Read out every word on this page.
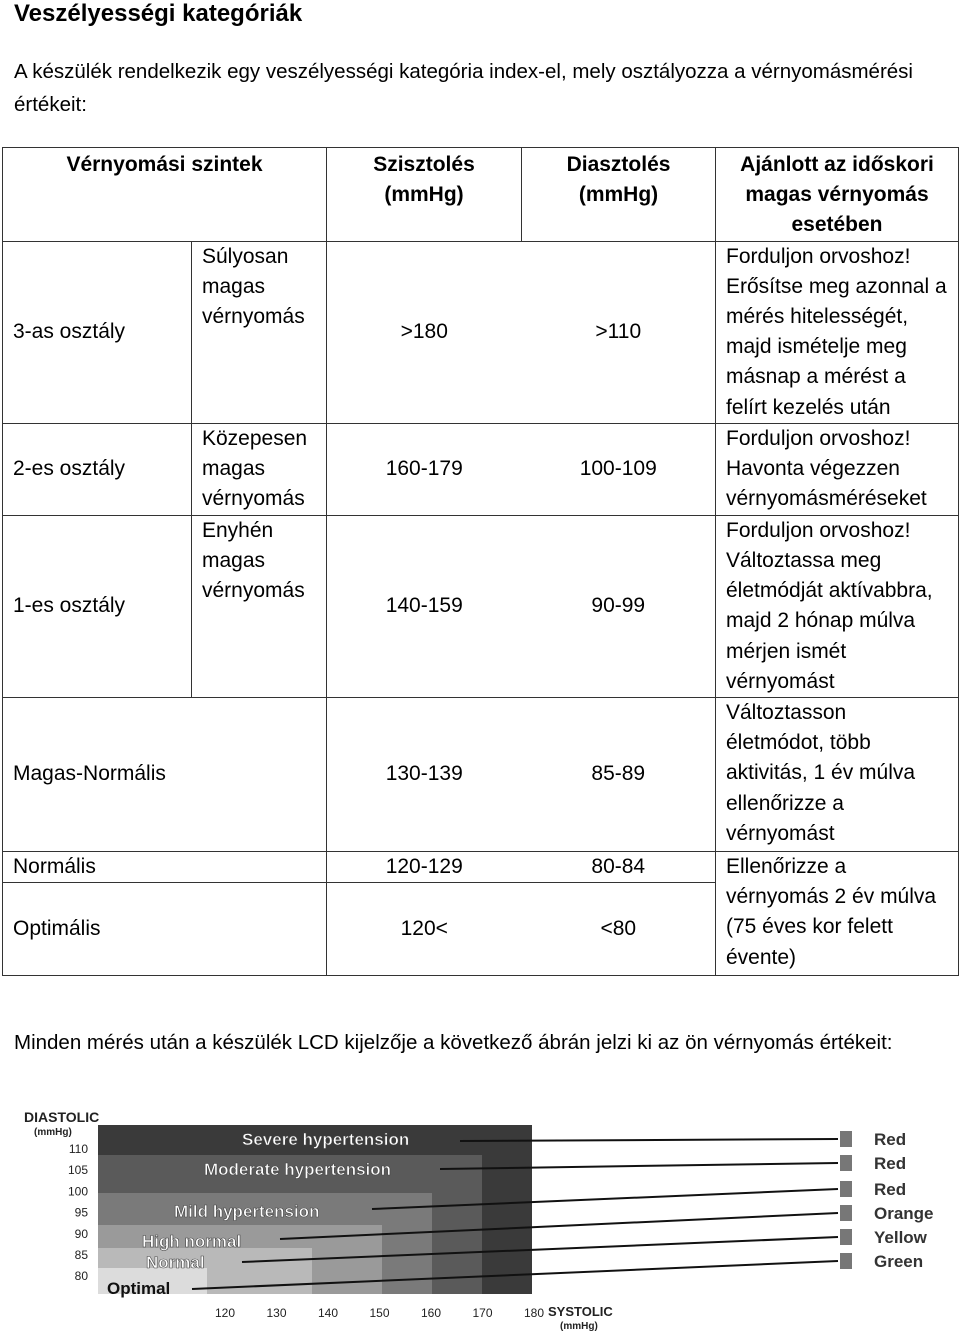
Veszélyességi kategóriák
A készülék rendelkezik egy veszélyességi kategória index-el, mely osztályozza a vérnyomásmérési értékeit:
Vérnyomási szintek		Szisztolés (mmHg)	Diasztolés (mmHg)	Ajánlott az időskori magas vérnyomás esetében
3-as osztály	Súlyosan magas vérnyomás	>180	>110	Forduljon orvoshoz! Erősítse meg azonnal a mérés hitelességét, majd ismételje meg másnap a mérést a felírt kezelés után
2-es osztály	Közepesen magas vérnyomás	160-179	100-109	Forduljon orvoshoz! Havonta végezzen vérnyomásméréseket
1-es osztály	Enyhén magas vérnyomás	140-159	90-99	Forduljon orvoshoz! Változtassa meg életmódját aktívabbra, majd 2 hónap múlva mérjen ismét vérnyomást
Magas-Normális		130-139	85-89	Változtasson életmódot, több aktivitás, 1 év múlva ellenőrizze a vérnyomást
Normális		120-129	80-84	Ellenőrizze a vérnyomás 2 év múlva (75 éves kor felett évente)
Optimális		120<	<80	
Minden mérés után a készülék LCD kijelzője a következő ábrán jelzi ki az ön vérnyomás értékeit:
DIASTOLIC
(mmHg)	Severe hypertension
Moderate hypertension
Mild hypertension
High normal
Normal
Optimal
110
105
100
95
90
85
80
120	130	140	150	160	170	180 SYSTOLIC
(mmHg)
Red
Red
Red
Orange
Yellow
Green
